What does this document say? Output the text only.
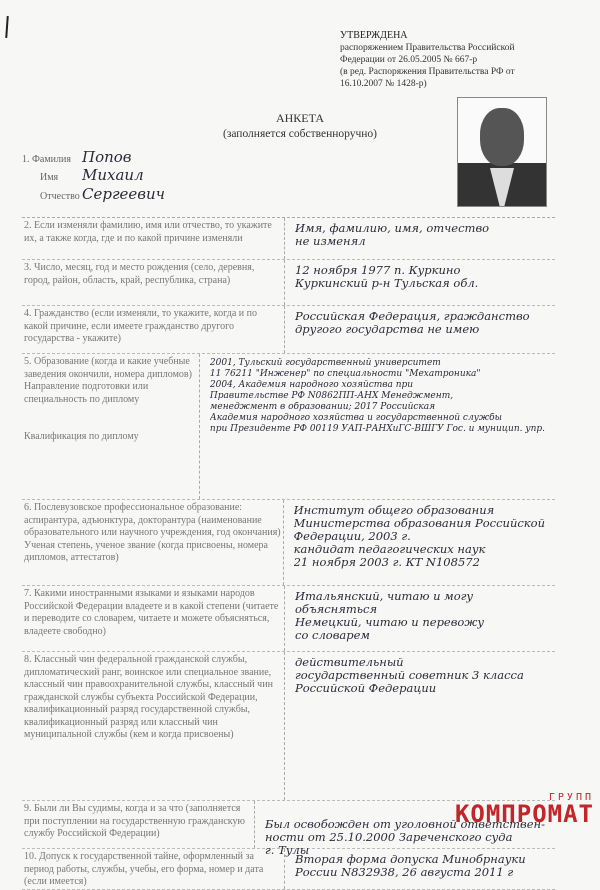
УТВЕРЖДЕНА
распоряжением Правительства Российской
Федерации от 26.05.2005 № 667-р
(в ред. Распоряжения Правительства РФ от
16.10.2007 № 1428-р)
АНКЕТА
(заполняется собственноручно)
1. Фамилия Попов
Имя Михаил
Отчество Сергеевич
2. Если изменяли фамилию, имя или отчество, то укажите их, а также когда, где и по какой причине изменяли
Имя, фамилию, имя, отчество
не изменял
3. Число, месяц, год и место рождения (село, деревня, город, район, область, край, республика, страна)
12 ноября 1977 п. Куркино
Куркинский р-н Тульская обл.
4. Гражданство (если изменяли, то укажите, когда и по какой причине, если имеете гражданство другого государства - укажите)
Российская Федерация, гражданство
другого государства не имею
5. Образование (когда и какие учебные заведения окончили, номера дипломов) Направление подготовки или специальность по диплому

Квалификация по диплому
2001, Тульский государственный университет
11 76211 "Инженер" по специальности "Мехатроника"
2004, Академия народного хозяйства при
Правительстве РФ N0862ПП-АНХ Менеджмент,
менеджмент в образовании; 2017 Российская
Академия народного хозяйства и государственной службы
при Президенте РФ 00119 УАП-РАНХиГС-ВШГУ Гос. и муницип. упр.
6. Послевузовское профессиональное образование: аспирантура, адъюнктура, докторантура (наименование образовательного или научного учреждения, год окончания) Ученая степень, ученое звание (когда присвоены, номера дипломов, аттестатов)
Институт общего образования
Министерства образования Российской
Федерации, 2003 г.
кандидат педагогических наук
21 ноября 2003 г. КТ N108572
7. Какими иностранными языками и языками народов Российской Федерации владеете и в какой степени (читаете и переводите со словарем, читаете и можете объясняться, владеете свободно)
Итальянский, читаю и могу
объясняться
Немецкий, читаю и перевожу
со словарем
8. Классный чин федеральной гражданской службы, дипломатический ранг, воинское или специальное звание, классный чин правоохранительной службы, классный чин гражданской службы субъекта Российской Федерации, квалификационный разряд государственной службы, квалификационный разряд или классный чин муниципальной службы (кем и когда присвоены)
действительный
государственный советник 3 класса
Российской Федерации
9. Были ли Вы судимы, когда и за что (заполняется при поступлении на государственную гражданскую службу Российской Федерации)

Был освобожден от уголовной ответствен-
ности от 25.10.2000 Зареченского суда
г. Тулы
10. Допуск к государственной тайне, оформленный за период работы, службы, учебы, его форма, номер и дата (если имеется)
Вторая форма допуска Минобрнауки
России N832938, 26 августа 2011 г
ГРУПП
КОМПРОМАТ
